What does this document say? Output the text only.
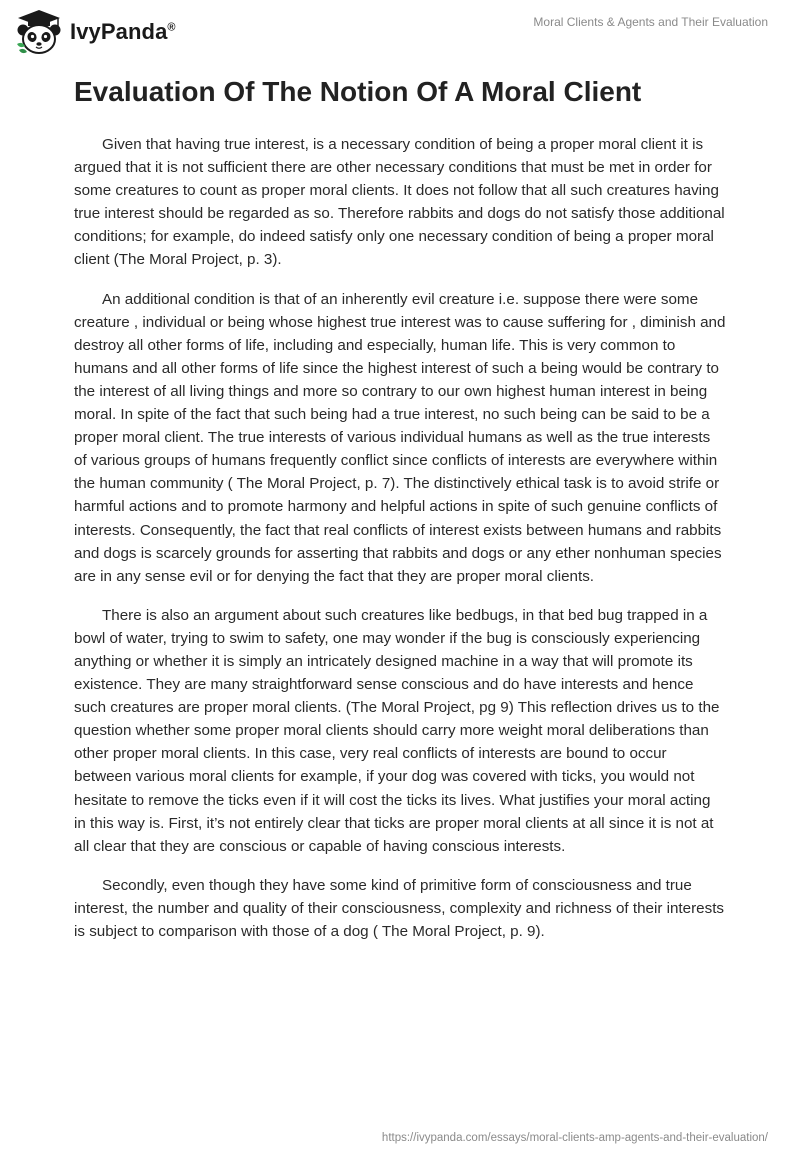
IvyPanda®	Moral Clients & Agents and Their Evaluation
Evaluation Of The Notion Of A Moral Client

Given that having true interest, is a necessary condition of being a proper moral client it is argued that it is not sufficient there are other necessary conditions that must be met in order for some creatures to count as proper moral clients. It does not follow that all such creatures having true interest should be regarded as so. Therefore rabbits and dogs do not satisfy those additional conditions; for example, do indeed satisfy only one necessary condition of being a proper moral client (The Moral Project, p. 3).

An additional condition is that of an inherently evil creature i.e. suppose there were some creature , individual or being whose highest true interest was to cause suffering for , diminish and destroy all other forms of life, including and especially, human life. This is very common to humans and all other forms of life since the highest interest of such a being would be contrary to the interest of all living things and more so contrary to our own highest human interest in being moral. In spite of the fact that such being had a true interest, no such being can be said to be a proper moral client. The true interests of various individual humans as well as the true interests of various groups of humans frequently conflict since conflicts of interests are everywhere within the human community ( The Moral Project, p. 7). The distinctively ethical task is to avoid strife or harmful actions and to promote harmony and helpful actions in spite of such genuine conflicts of interests. Consequently, the fact that real conflicts of interest exists between humans and rabbits and dogs is scarcely grounds for asserting that rabbits and dogs or any ether nonhuman species are in any sense evil or for denying the fact that they are proper moral clients.

There is also an argument about such creatures like bedbugs, in that bed bug trapped in a bowl of water, trying to swim to safety, one may wonder if the bug is consciously experiencing anything or whether it is simply an intricately designed machine in a way that will promote its existence. They are many straightforward sense conscious and do have interests and hence such creatures are proper moral clients. (The Moral Project, pg 9) This reflection drives us to the question whether some proper moral clients should carry more weight moral deliberations than other proper moral clients. In this case, very real conflicts of interests are bound to occur between various moral clients for example, if your dog was covered with ticks, you would not hesitate to remove the ticks even if it will cost the ticks its lives. What justifies your moral acting in this way is. First, it’s not entirely clear that ticks are proper moral clients at all since it is not at all clear that they are conscious or capable of having conscious interests.

Secondly, even though they have some kind of primitive form of consciousness and true interest, the number and quality of their consciousness, complexity and richness of their interests is subject to comparison with those of a dog ( The Moral Project, p. 9).

https://ivypanda.com/essays/moral-clients-amp-agents-and-their-evaluation/
